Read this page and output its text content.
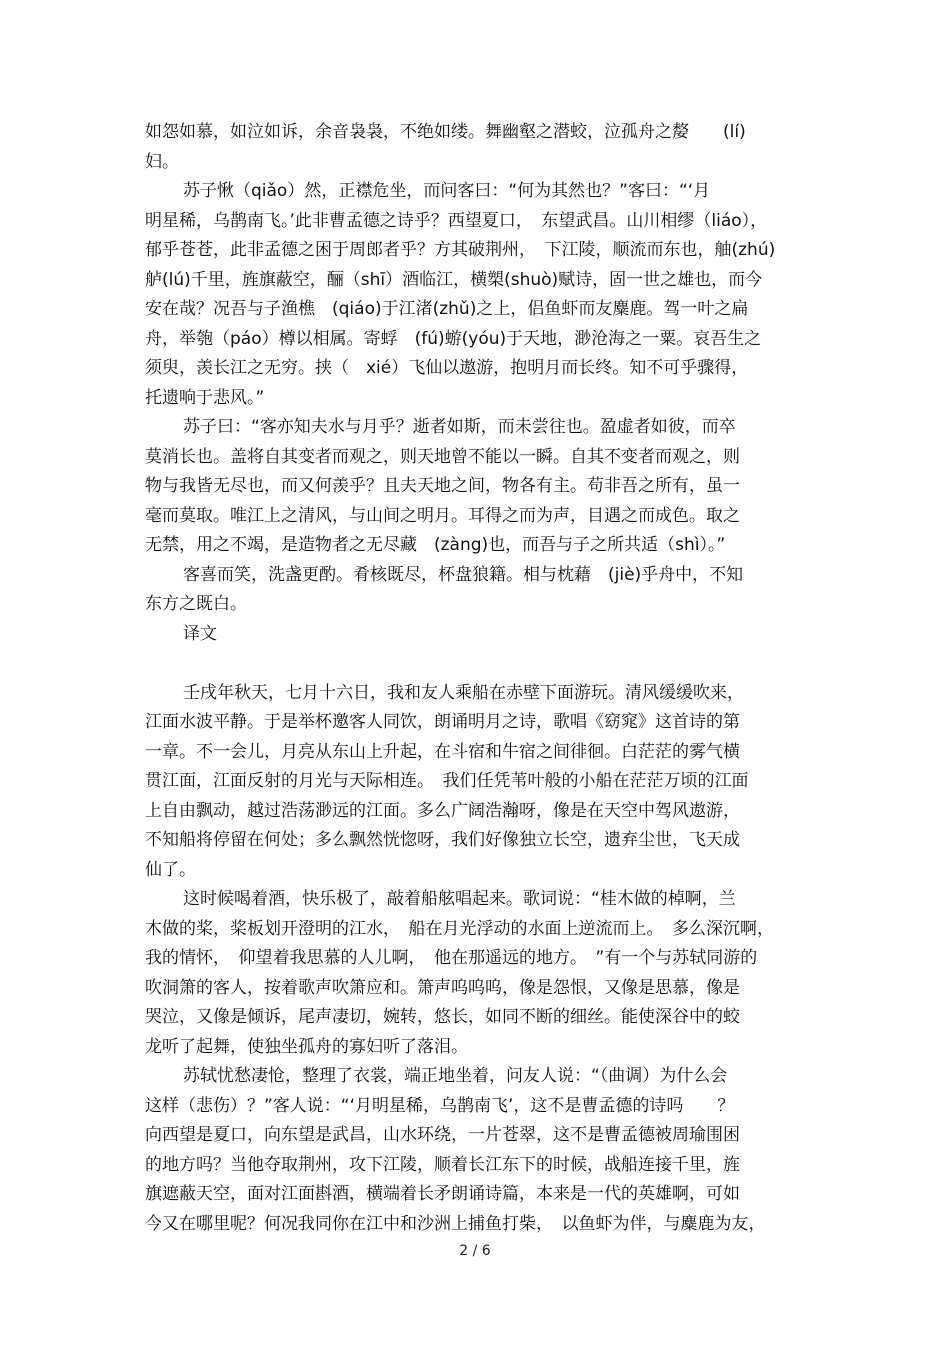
如怨如慕，如泣如诉，余音袅袅，不绝如缕。舞幽壑之潜蛟，泣孤舟之嫠　　(lí)
妇。
苏子愀（qiǎo）然，正襟危坐，而问客曰：“何为其然也？”客曰：“‘月
明星稀，乌鹊南飞。’此非曹孟德之诗乎？西望夏口，　东望武昌。山川相缪（liáo），
郁乎苍苍，此非孟德之困于周郎者乎？方其破荆州，　下江陵，顺流而东也，舳(zhú)
舻(lú)千里，旌旗蔽空，酾（shī）酒临江，横槊(shuò)赋诗，固一世之雄也，而今
安在哉？况吾与子渔樵　(qiáo)于江渚(zhǔ)之上，侣鱼虾而友麋鹿。驾一叶之扁
舟，举匏（páo）樽以相属。寄蜉　(fú)蝣(yóu)于天地，渺沧海之一粟。哀吾生之
须臾，羡长江之无穷。挟（　xié）飞仙以遨游，抱明月而长终。知不可乎骤得，
托遗响于悲风。”
苏子曰：“客亦知夫水与月乎？逝者如斯，而未尝往也。盈虚者如彼，而卒
莫消长也。盖将自其变者而观之，则天地曾不能以一瞬。自其不变者而观之，则
物与我皆无尽也，而又何羡乎？且夫天地之间，物各有主。苟非吾之所有，虽一
毫而莫取。唯江上之清风，与山间之明月。耳得之而为声，目遇之而成色。取之
无禁，用之不竭，是造物者之无尽藏　(zàng)也，而吾与子之所共适（shì）。”
客喜而笑，洗盏更酌。肴核既尽，杯盘狼籍。相与枕藉　(jiè)乎舟中，不知
东方之既白。
译文
壬戌年秋天，七月十六日，我和友人乘船在赤壁下面游玩。清风缓缓吹来，
江面水波平静。于是举杯邀客人同饮，朗诵明月之诗，歌唱《窈窕》这首诗的第
一章。不一会儿，月亮从东山上升起，在斗宿和牛宿之间徘徊。白茫茫的雾气横
贯江面，江面反射的月光与天际相连。　我们任凭苇叶般的小船在茫茫万顷的江面
上自由飘动，越过浩荡渺远的江面。多么广阔浩瀚呀，像是在天空中驾风遨游，
不知船将停留在何处；多么飘然恍惚呀，我们好像独立长空，遗弃尘世，飞天成
仙了。
这时候喝着酒，快乐极了，敲着船舷唱起来。歌词说：“桂木做的棹啊，兰
木做的桨，桨板划开澄明的江水，　船在月光浮动的水面上逆流而上。　多么深沉啊，
我的情怀，　仰望着我思慕的人儿啊，　他在那遥远的地方。　”有一个与苏轼同游的
吹洞箫的客人，按着歌声吹箫应和。箫声呜呜呜，像是怨恨，又像是思慕，像是
哭泣，又像是倾诉，尾声凄切，婉转，悠长，如同不断的细丝。能使深谷中的蛟
龙听了起舞，使独坐孤舟的寡妇听了落泪。
苏轼忧愁凄怆，整理了衣裳，端正地坐着，问友人说：“（曲调）为什么会
这样（悲伤）？”客人说：“‘月明星稀，乌鹊南飞’，这不是曹孟德的诗吗　　？
向西望是夏口，向东望是武昌，山水环绕，一片苍翠，这不是曹孟德被周瑜围困
的地方吗？当他夺取荆州，攻下江陵，顺着长江东下的时候，战船连接千里，旌
旗遮蔽天空，面对江面斟酒，横端着长矛朗诵诗篇，本来是一代的英雄啊，可如
今又在哪里呢？何况我同你在江中和沙洲上捕鱼打柴，　以鱼虾为伴，与麋鹿为友，
2 / 6
